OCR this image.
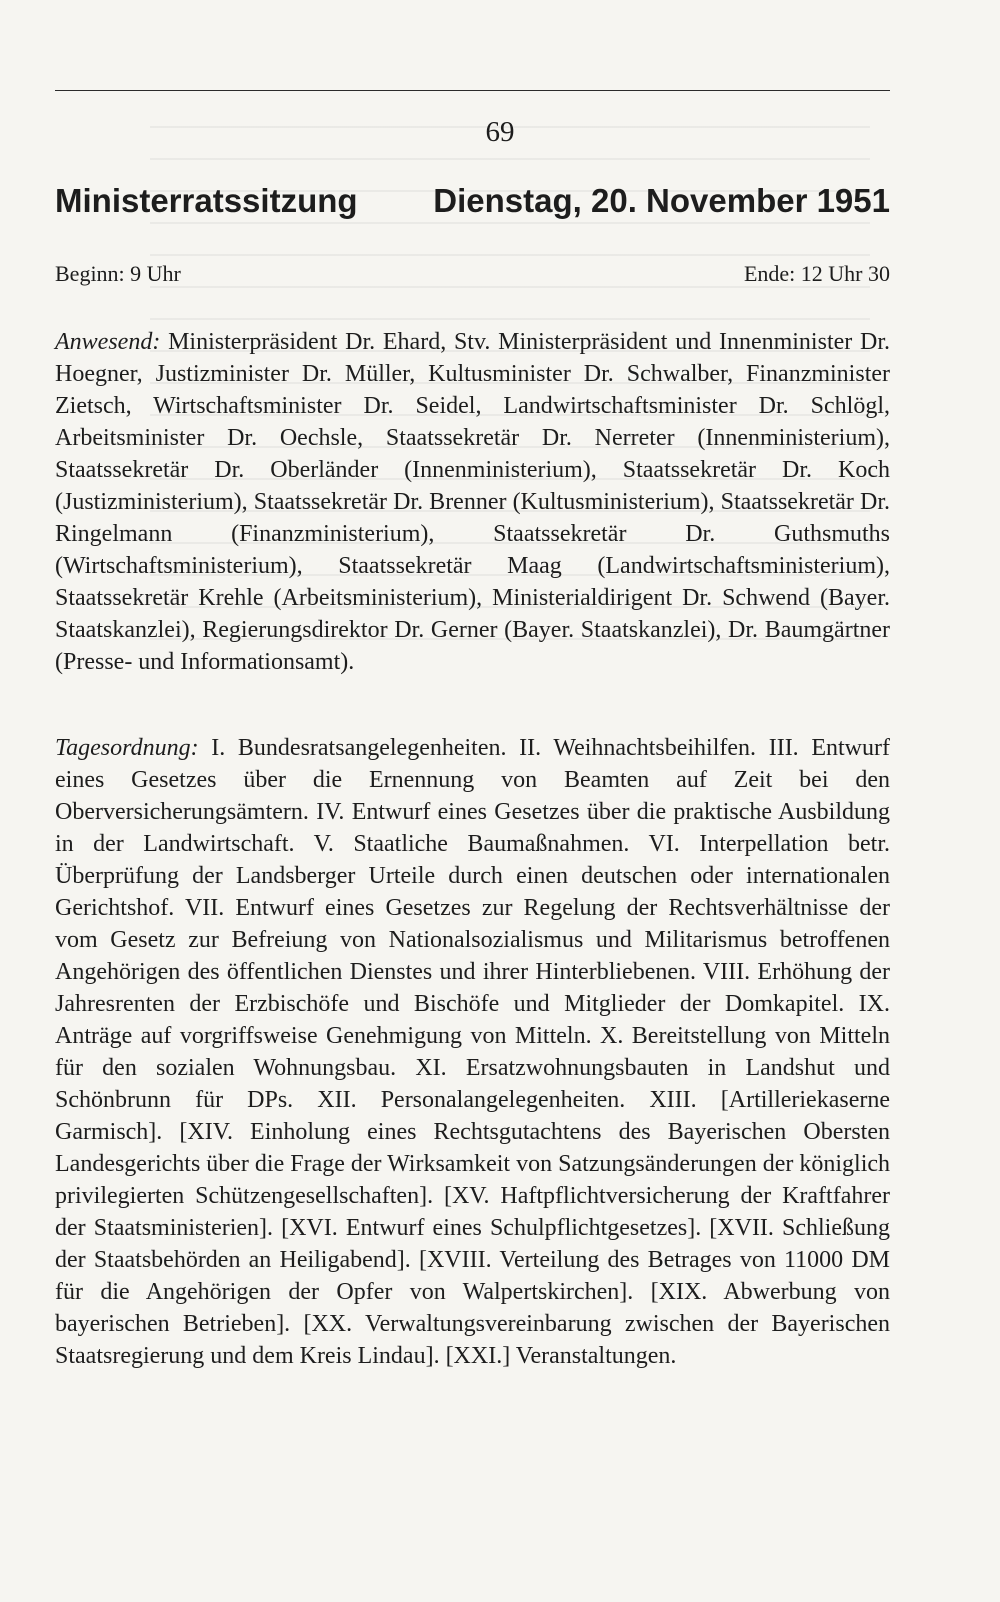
69
Ministerratssitzung Dienstag, 20. November 1951
Beginn: 9 Uhr	Ende: 12 Uhr 30

Anwesend: Ministerpräsident Dr. Ehard, Stv. Ministerpräsident und Innenminister Dr. Hoegner, Justizminister Dr. Müller, Kultusminister Dr. Schwalber, Finanzminister Zietsch, Wirtschaftsminister Dr. Seidel, Landwirtschaftsminister Dr. Schlögl, Arbeitsminister Dr. Oechsle, Staatssekretär Dr. Nerreter (Innenministerium), Staatssekretär Dr. Oberländer (Innenministerium), Staatssekretär Dr. Koch (Justizministerium), Staatssekretär Dr. Brenner (Kultusministerium), Staatssekretär Dr. Ringelmann (Finanzministerium), Staatssekretär Dr. Guthsmuths (Wirtschaftsministerium), Staatssekretär Maag (Landwirtschaftsministerium), Staatssekretär Krehle (Arbeitsministerium), Ministerialdirigent Dr. Schwend (Bayer. Staatskanzlei), Regierungsdirektor Dr. Gerner (Bayer. Staatskanzlei), Dr. Baumgärtner (Presse- und Informationsamt).

Tagesordnung: I. Bundesratsangelegenheiten. II. Weihnachtsbeihilfen. III. Entwurf eines Gesetzes über die Ernennung von Beamten auf Zeit bei den Oberversicherungsämtern. IV. Entwurf eines Gesetzes über die praktische Ausbildung in der Landwirtschaft. V. Staatliche Baumaßnahmen. VI. Interpellation betr. Überprüfung der Landsberger Urteile durch einen deutschen oder internationalen Gerichtshof. VII. Entwurf eines Gesetzes zur Regelung der Rechtsverhältnisse der vom Gesetz zur Befreiung von Nationalsozialismus und Militarismus betroffenen Angehörigen des öffentlichen Dienstes und ihrer Hinterbliebenen. VIII. Erhöhung der Jahresrenten der Erzbischöfe und Bischöfe und Mitglieder der Domkapitel. IX. Anträge auf vorgriffsweise Genehmigung von Mitteln. X. Bereitstellung von Mitteln für den sozialen Wohnungsbau. XI. Ersatzwohnungsbauten in Landshut und Schönbrunn für DPs. XII. Personalangelegenheiten. XIII. [Artilleriekaserne Garmisch]. [XIV. Einholung eines Rechtsgutachtens des Bayerischen Obersten Landesgerichts über die Frage der Wirksamkeit von Satzungsänderungen der königlich privilegierten Schützengesellschaften]. [XV. Haftpflichtversicherung der Kraftfahrer der Staatsministerien]. [XVI. Entwurf eines Schulpflichtgesetzes]. [XVII. Schließung der Staatsbehörden an Heiligabend]. [XVIII. Verteilung des Betrages von 11000 DM für die Angehörigen der Opfer von Walpertskirchen]. [XIX. Abwerbung von bayerischen Betrieben]. [XX. Verwaltungsvereinbarung zwischen der Bayerischen Staatsregierung und dem Kreis Lindau]. [XXI.] Veranstaltungen.
